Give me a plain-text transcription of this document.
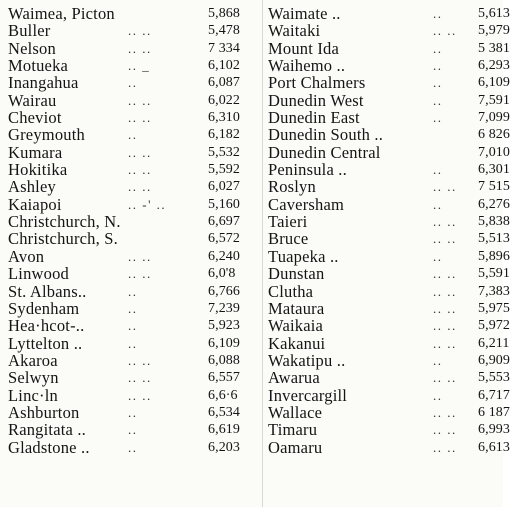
Waimea, Picton	5,868
Buller	.. ..	5,478
Nelson	.. ..	7 334
Motueka	.. _	6,102
Inangahua	..	6,087
Wairau	.. ..	6,022
Cheviot	.. ..	6,310
Greymouth	..	6,182
Kumara	.. ..	5,532
Hokitika	.. ..	5,592
Ashley	.. ..	6,027
Kaiapoi	.. -' ..	5,160
Christchurch, N.	6,697
Christchurch, S.	6,572
Avon	.. ..	6,240
Linwood	.. ..	6,0'8
St. Albans..	..	6,766
Sydenham	..	7,239
Hea·hcot-..	..	5,923
Lyttelton ..	..	6,109
Akaroa	.. ..	6,088
Selwyn	.. ..	6,557
Linc·ln	.. ..	6,6·6
Ashburton	..	6,534
Rangitata ..	..	6,619
Gladstone ..	..	6,203
Waimate ..	..	5,613
Waitaki	.. .. 5,979
Mount Ida	..	5 381
Waihemo ..	..	6,293
Port Chalmers	..	6,109
Dunedin West	..	7,591
Dunedin East	..	7,099
Dunedin South ..	6 826
Dunedin Central	7,010
Peninsula ..	..	6,301
Roslyn	.. .. 7 515
Caversham	..	6,276
Taieri	.. .. 5,838
Bruce	.. .. 5,513
Tuapeka ..	..	5,896
Dunstan	.. .. 5,591
Clutha	.. .. 7,383
Mataura	.. .. 5,975
Waikaia	.. .. 5,972
Kakanui	.. .. 6,211
Wakatipu ..	..	6,909
Awarua	.. .. 5,553
Invercargill	..	6,717
Wallace	.. .. 6 187
Timaru	.. .. 6,993
Oamaru	.. .. 6,613
